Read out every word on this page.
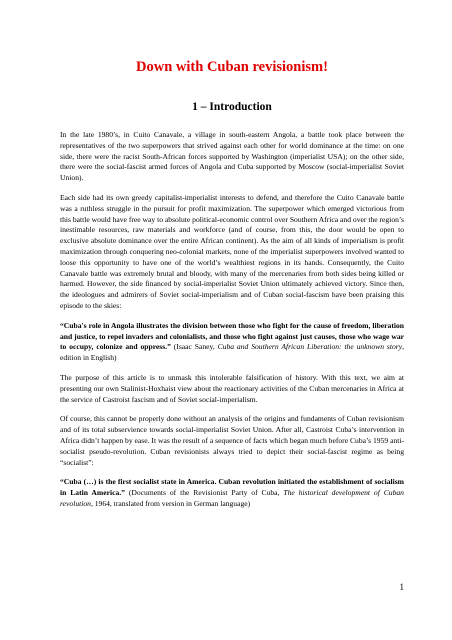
Down with Cuban revisionism!
1 – Introduction

In the late 1980’s, in Cuito Canavale, a village in south-eastern Angola, a battle took place between the representatives of the two superpowers that strived against each other for world dominance at the time: on one side, there were the racist South-African forces supported by Washington (imperialist USA); on the other side, there were the social-fascist armed forces of Angola and Cuba supported by Moscow (social-imperialist Soviet Union).

Each side had its own greedy capitalist-imperialist interests to defend, and therefore the Cuito Canavale battle was a ruthless struggle in the pursuit for profit maximization. The superpower which emerged victorious from this battle would have free way to absolute political-economic control over Southern Africa and over the region’s inestimable resources, raw materials and workforce (and of course, from this, the door would be open to exclusive absolute dominance over the entire African continent). As the aim of all kinds of imperialism is profit maximization through conquering neo-colonial markets, none of the imperialist superpowers involved wanted to loose this opportunity to have one of the world’s wealthiest regions in its hands. Consequently, the Cuito Canavale battle was extremely brutal and bloody, with many of the mercenaries from both sides being killed or harmed. However, the side financed by social-imperialist Soviet Union ultimately achieved victory. Since then, the ideologues and admirers of Soviet social-imperialism and of Cuban social-fascism have been praising this episode to the skies:

“Cuba's role in Angola illustrates the division between those who fight for the cause of freedom, liberation and justice, to repel invaders and colonialists, and those who fight against just causes, those who wage war to occupy, colonize and oppress.” (Isaac Saney, Cuba and Southern African Liberation: the unknown story, edition in English)

The purpose of this article is to unmask this intolerable falsification of history. With this text, we aim at presenting our own Stalinist-Hoxhaist view about the reactionary activities of the Cuban mercenaries in Africa at the service of Castroist fascism and of Soviet social-imperialism.

Of course, this cannot be properly done without an analysis of the origins and fundaments of Cuban revisionism and of its total subservience towards social-imperialist Soviet Union. After all, Castroist Cuba’s intervention in Africa didn’t happen by ease. It was the result of a sequence of facts which began much before Cuba’s 1959 anti-socialist pseudo-revolution. Cuban revisionists always tried to depict their social-fascist regime as being “socialist”:

“Cuba (…) is the first socialist state in America. Cuban revolution initiated the establishment of socialism in Latin America.” (Documents of the Revisionist Party of Cuba, The historical development of Cuban revolution, 1964, translated from version in German language)

1
